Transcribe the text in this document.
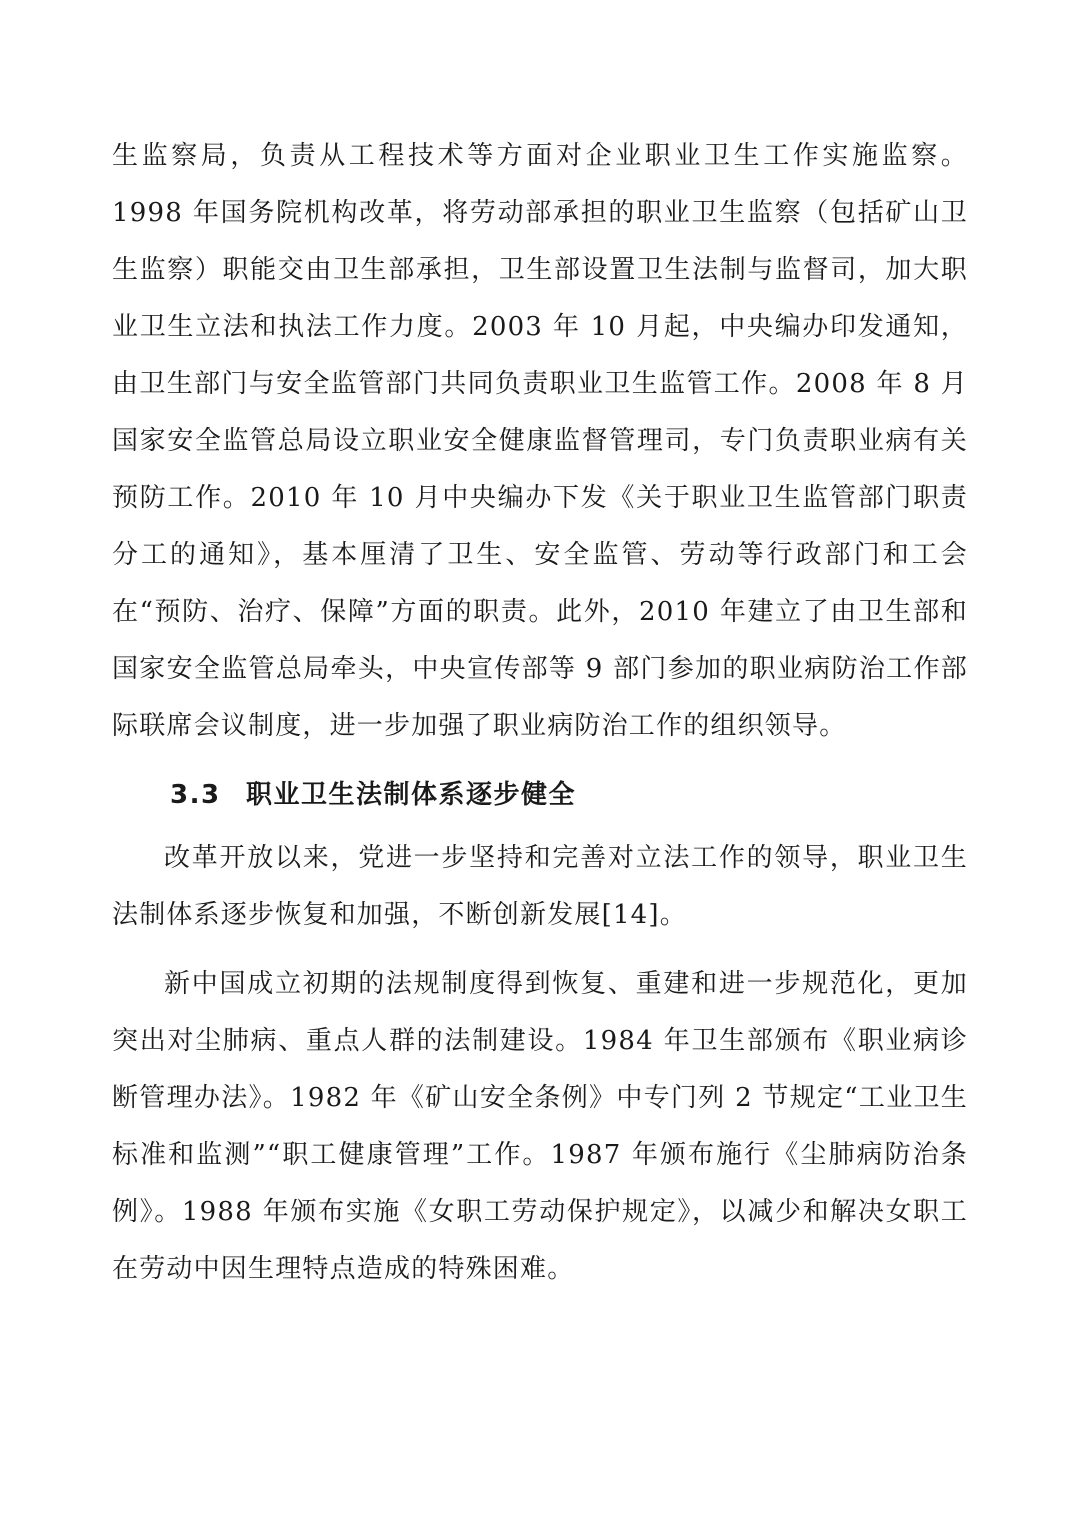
生监察局，负责从工程技术等方面对企业职业卫生工作实施监察。1998 年国务院机构改革，将劳动部承担的职业卫生监察（包括矿山卫生监察）职能交由卫生部承担，卫生部设置卫生法制与监督司，加大职业卫生立法和执法工作力度。2003 年 10 月起，中央编办印发通知，由卫生部门与安全监管部门共同负责职业卫生监管工作。2008 年 8 月国家安全监管总局设立职业安全健康监督管理司，专门负责职业病有关预防工作。2010 年 10 月中央编办下发《关于职业卫生监管部门职责分工的通知》，基本厘清了卫生、安全监管、劳动等行政部门和工会在“预防、治疗、保障”方面的职责。此外，2010 年建立了由卫生部和国家安全监管总局牵头，中央宣传部等 9 部门参加的职业病防治工作部际联席会议制度，进一步加强了职业病防治工作的组织领导。

3.3 职业卫生法制体系逐步健全

改革开放以来，党进一步坚持和完善对立法工作的领导，职业卫生法制体系逐步恢复和加强，不断创新发展[14]。

新中国成立初期的法规制度得到恢复、重建和进一步规范化，更加突出对尘肺病、重点人群的法制建设。1984 年卫生部颁布《职业病诊断管理办法》。1982 年《矿山安全条例》中专门列 2 节规定“工业卫生标准和监测”“职工健康管理”工作。1987 年颁布施行《尘肺病防治条例》。1988 年颁布实施《女职工劳动保护规定》，以减少和解决女职工在劳动中因生理特点造成的特殊困难。
